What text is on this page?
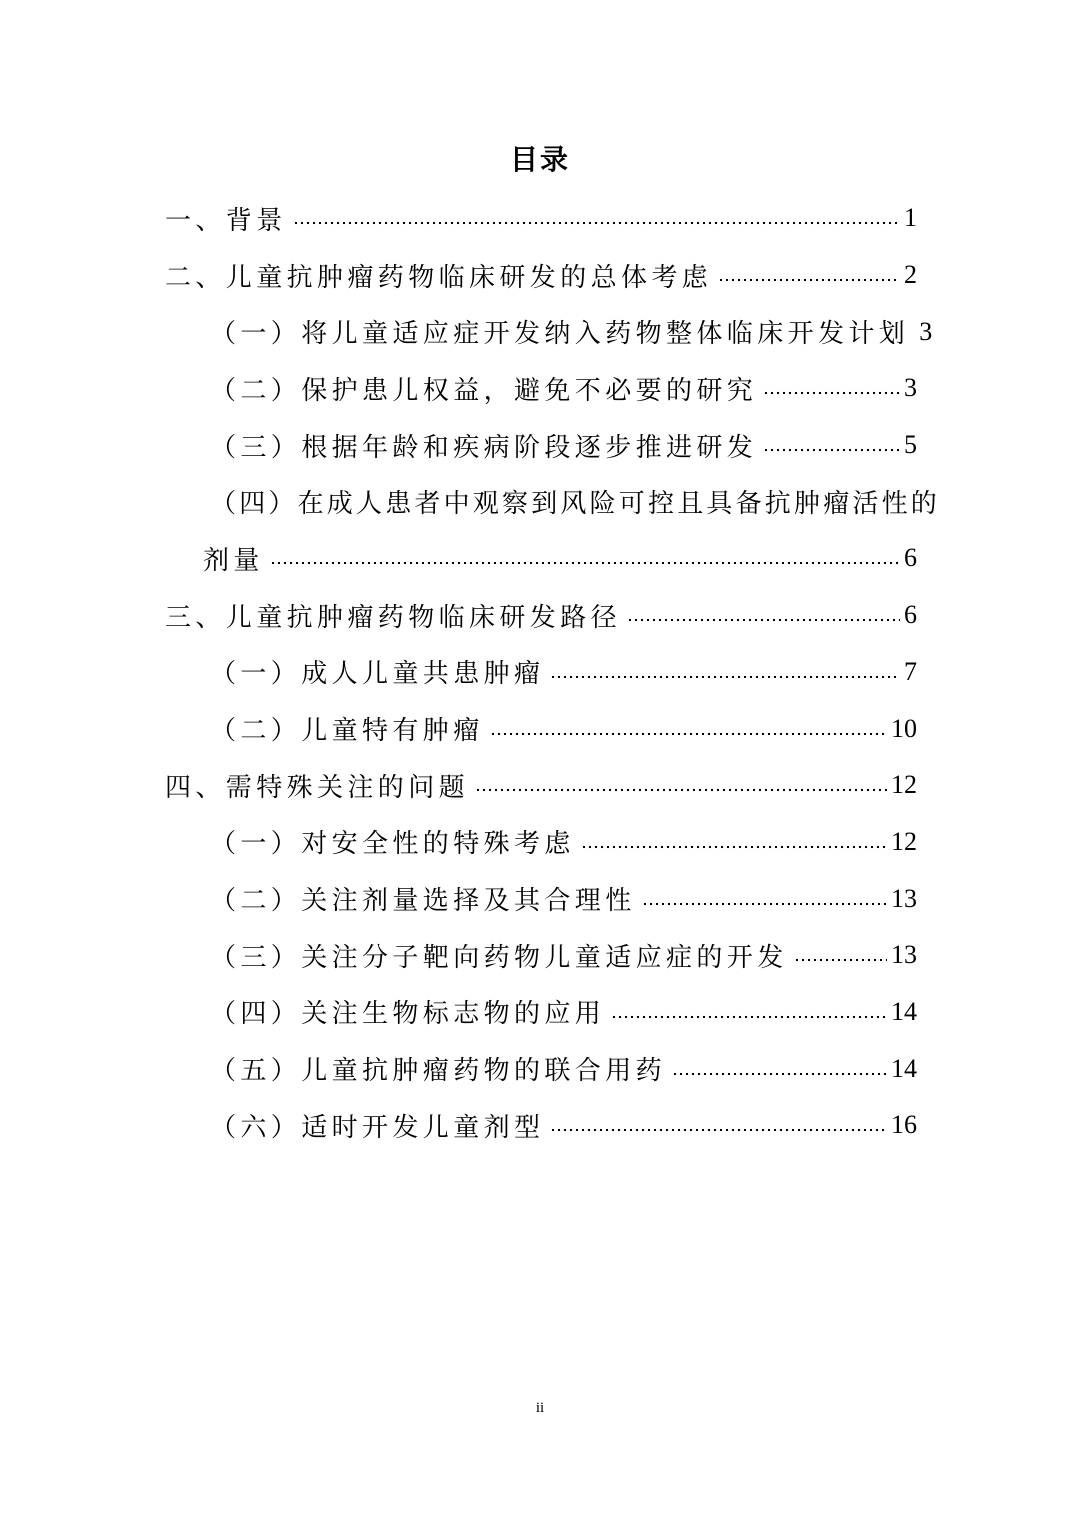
目录
一、背景	1
二、儿童抗肿瘤药物临床研发的总体考虑	2
（一）将儿童适应症开发纳入药物整体临床开发计划 3
（二）保护患儿权益，避免不必要的研究	3
（三）根据年龄和疾病阶段逐步推进研发	5
（四）在成人患者中观察到风险可控且具备抗肿瘤活性的
剂量	6
三、儿童抗肿瘤药物临床研发路径	6
（一）成人儿童共患肿瘤	7
（二）儿童特有肿瘤	10
四、需特殊关注的问题	12
（一）对安全性的特殊考虑	12
（二）关注剂量选择及其合理性	13
（三）关注分子靶向药物儿童适应症的开发	13
（四）关注生物标志物的应用	14
（五）儿童抗肿瘤药物的联合用药	14
（六）适时开发儿童剂型	16
ii
